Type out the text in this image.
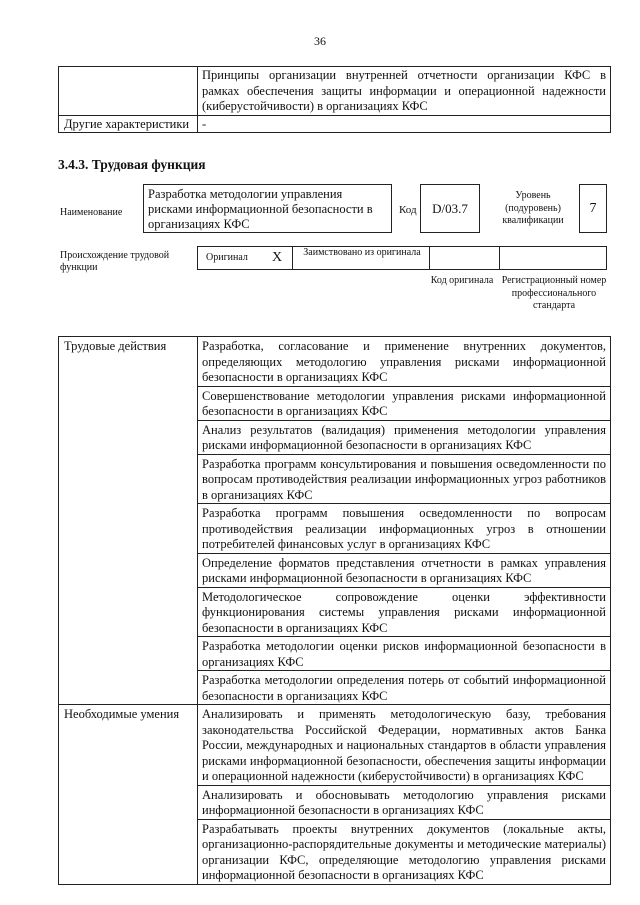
36
	Принципы организации внутренней отчетности организации КФС в рамках обеспечения защиты информации и операционной надежности (киберустойчивости) в организациях КФС
Другие характеристики	-
3.4.3. Трудовая функция
Наименование
Разработка методологии управления рисками информационной безопасности в организациях КФС
Код	D/03.7
Уровень (подуровень) квалификации
7
Происхождение трудовой функции
Оригинал X	Заимствовано из оригинала
Код оригинала Регистрационный номер профессионального стандарта
Трудовые действия	Разработка, согласование и применение внутренних документов, определяющих методологию управления рисками информационной безопасности в организациях КФС
	Совершенствование методологии управления рисками информационной безопасности в организациях КФС
	Анализ результатов (валидация) применения методологии управления рисками информационной безопасности в организациях КФС
	Разработка программ консультирования и повышения осведомленности по вопросам противодействия реализации информационных угроз работников в организациях КФС
	Разработка программ повышения осведомленности по вопросам противодействия реализации информационных угроз в отношении потребителей финансовых услуг в организациях КФС
	Определение форматов представления отчетности в рамках управления рисками информационной безопасности в организациях КФС
	Методологическое сопровождение оценки эффективности функционирования системы управления рисками информационной безопасности в организациях КФС
	Разработка методологии оценки рисков информационной безопасности в организациях КФС
	Разработка методологии определения потерь от событий информационной безопасности в организациях КФС
Необходимые умения	Анализировать и применять методологическую базу, требования законодательства Российской Федерации, нормативных актов Банка России, международных и национальных стандартов в области управления рисками информационной безопасности, обеспечения защиты информации и операционной надежности (киберустойчивости) в организациях КФС
	Анализировать и обосновывать методологию управления рисками информационной безопасности в организациях КФС
	Разрабатывать проекты внутренних документов (локальные акты, организационно-распорядительные документы и методические материалы) организации КФС, определяющие методологию управления рисками информационной безопасности в организациях КФС
